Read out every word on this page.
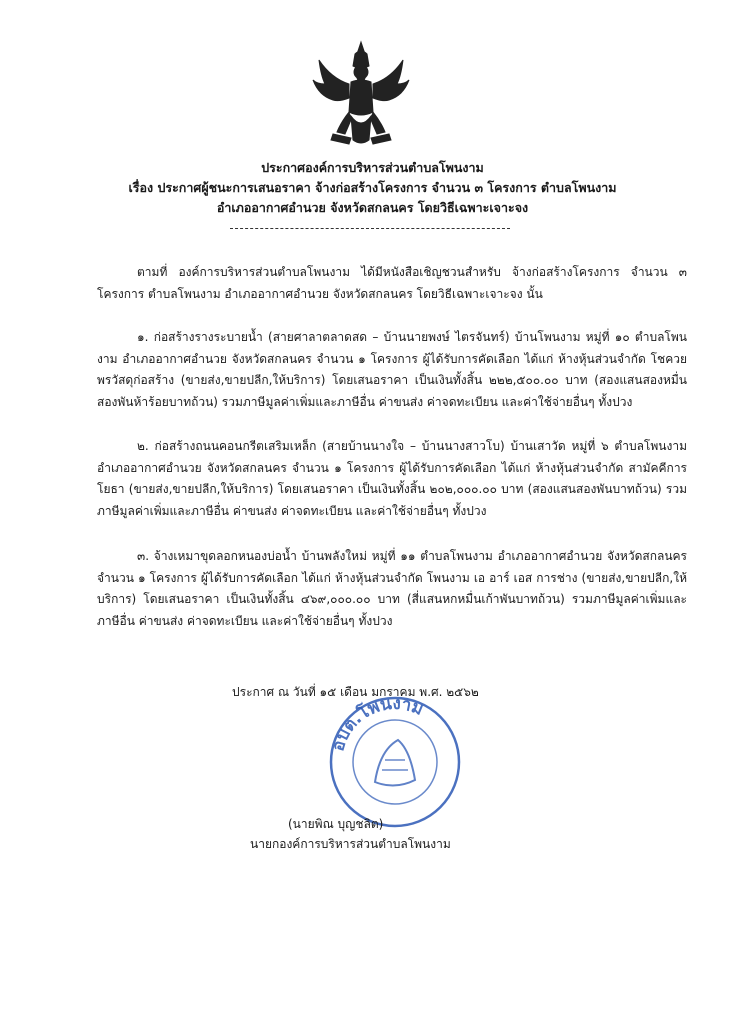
ประกาศองค์การบริหารส่วนตำบลโพนงาม
เรื่อง ประกาศผู้ชนะการเสนอราคา จ้างก่อสร้างโครงการ จำนวน ๓ โครงการ ตำบลโพนงาม
อำเภออากาศอำนวย จังหวัดสกลนคร โดยวิธีเฉพาะเจาะจง
ตามที่ องค์การบริหารส่วนตำบลโพนงาม ได้มีหนังสือเชิญชวนสำหรับ จ้างก่อสร้างโครงการ จำนวน ๓ โครงการ ตำบลโพนงาม อำเภออากาศอำนวย จังหวัดสกลนคร โดยวิธีเฉพาะเจาะจง นั้น
๑. ก่อสร้างรางระบายน้ำ (สายศาลาตลาดสด – บ้านนายพงษ์ ไตรจันทร์) บ้านโพนงาม หมู่ที่ ๑๐ ตำบลโพนงาม อำเภออากาศอำนวย จังหวัดสกลนคร จำนวน ๑ โครงการ ผู้ได้รับการคัดเลือก ได้แก่ ห้างหุ้นส่วนจำกัด โชควยพรวัสดุก่อสร้าง (ขายส่ง,ขายปลีก,ให้บริการ) โดยเสนอราคา เป็นเงินทั้งสิ้น ๒๒๒,๕๐๐.๐๐ บาท (สองแสนสองหมื่นสองพันห้าร้อยบาทถ้วน) รวมภาษีมูลค่าเพิ่มและภาษีอื่น ค่าขนส่ง ค่าจดทะเบียน และค่าใช้จ่ายอื่นๆ ทั้งปวง
๒. ก่อสร้างถนนคอนกรีตเสริมเหล็ก (สายบ้านนางใจ – บ้านนางสาวโบ) บ้านเสาวัด หมู่ที่ ๖ ตำบลโพนงาม อำเภออากาศอำนวย จังหวัดสกลนคร จำนวน ๑ โครงการ ผู้ได้รับการคัดเลือก ได้แก่ ห้างหุ้นส่วนจำกัด สามัคคีการโยธา (ขายส่ง,ขายปลีก,ให้บริการ) โดยเสนอราคา เป็นเงินทั้งสิ้น ๒๐๒,๐๐๐.๐๐ บาท (สองแสนสองพันบาทถ้วน) รวมภาษีมูลค่าเพิ่มและภาษีอื่น ค่าขนส่ง ค่าจดทะเบียน และค่าใช้จ่ายอื่นๆ ทั้งปวง
๓. จ้างเหมาขุดลอกหนองบ่อน้ำ บ้านพลังใหม่ หมู่ที่ ๑๑ ตำบลโพนงาม อำเภออากาศอำนวย จังหวัดสกลนคร จำนวน ๑ โครงการ ผู้ได้รับการคัดเลือก ได้แก่ ห้างหุ้นส่วนจำกัด โพนงาม เอ อาร์ เอส การช่าง (ขายส่ง,ขายปลีก,ให้บริการ) โดยเสนอราคา เป็นเงินทั้งสิ้น ๔๖๙,๐๐๐.๐๐ บาท (สี่แสนหกหมื่นเก้าพันบาทถ้วน) รวมภาษีมูลค่าเพิ่มและภาษีอื่น ค่าขนส่ง ค่าจดทะเบียน และค่าใช้จ่ายอื่นๆ ทั้งปวง
ประกาศ ณ วันที่ ๑๕ เดือน มกราคม พ.ศ. ๒๕๖๒
อบต.โพนงาม
(นายพิณ บุญชลิต)
นายกองค์การบริหารส่วนตำบลโพนงาม
